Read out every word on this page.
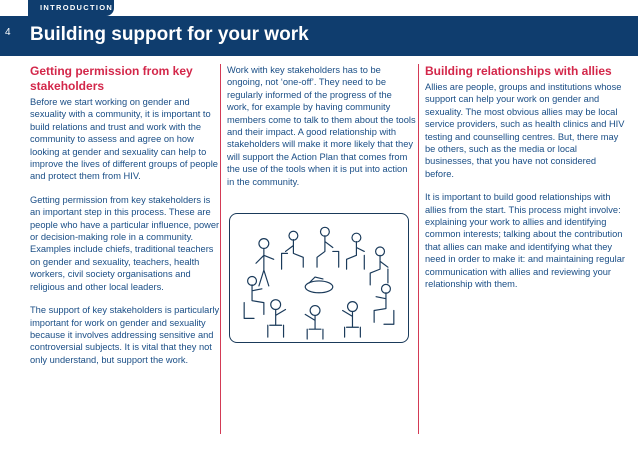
INTRODUCTION
4 Building support for your work
Getting permission from key stakeholders

Before we start working on gender and sexuality with a community, it is important to build relations and trust and work with the community to assess and agree on how looking at gender and sexuality can help to improve the lives of different groups of people and protect them from HIV.

Getting permission from key stakeholders is an important step in this process. These are people who have a particular influence, power or decision-making role in a community. Examples include chiefs, traditional teachers on gender and sexuality, teachers, health workers, civil society organisations and religious and other local leaders.

The support of key stakeholders is particularly important for work on gender and sexuality because it involves addressing sensitive and controversial subjects. It is vital that they not only understand, but support the work.

Work with key stakeholders has to be ongoing, not ‘one-off’. They need to be regularly informed of the progress of the work, for example by having community members come to talk to them about the tools and their impact. A good relationship with stakeholders will make it more likely that they will support the Action Plan that comes from the use of the tools when it is put into action in the community.

Building relationships with allies

Allies are people, groups and institutions whose support can help your work on gender and sexuality. The most obvious allies may be local service providers, such as health clinics and HIV testing and counselling centres. But, there may be others, such as the media or local businesses, that you have not considered before.

It is important to build good relationships with allies from the start. This process might involve: explaining your work to allies and identifying common interests; talking about the contribution that allies can make and identifying what they need in order to make it: and maintaining regular communication with allies and reviewing your relationship with them.
